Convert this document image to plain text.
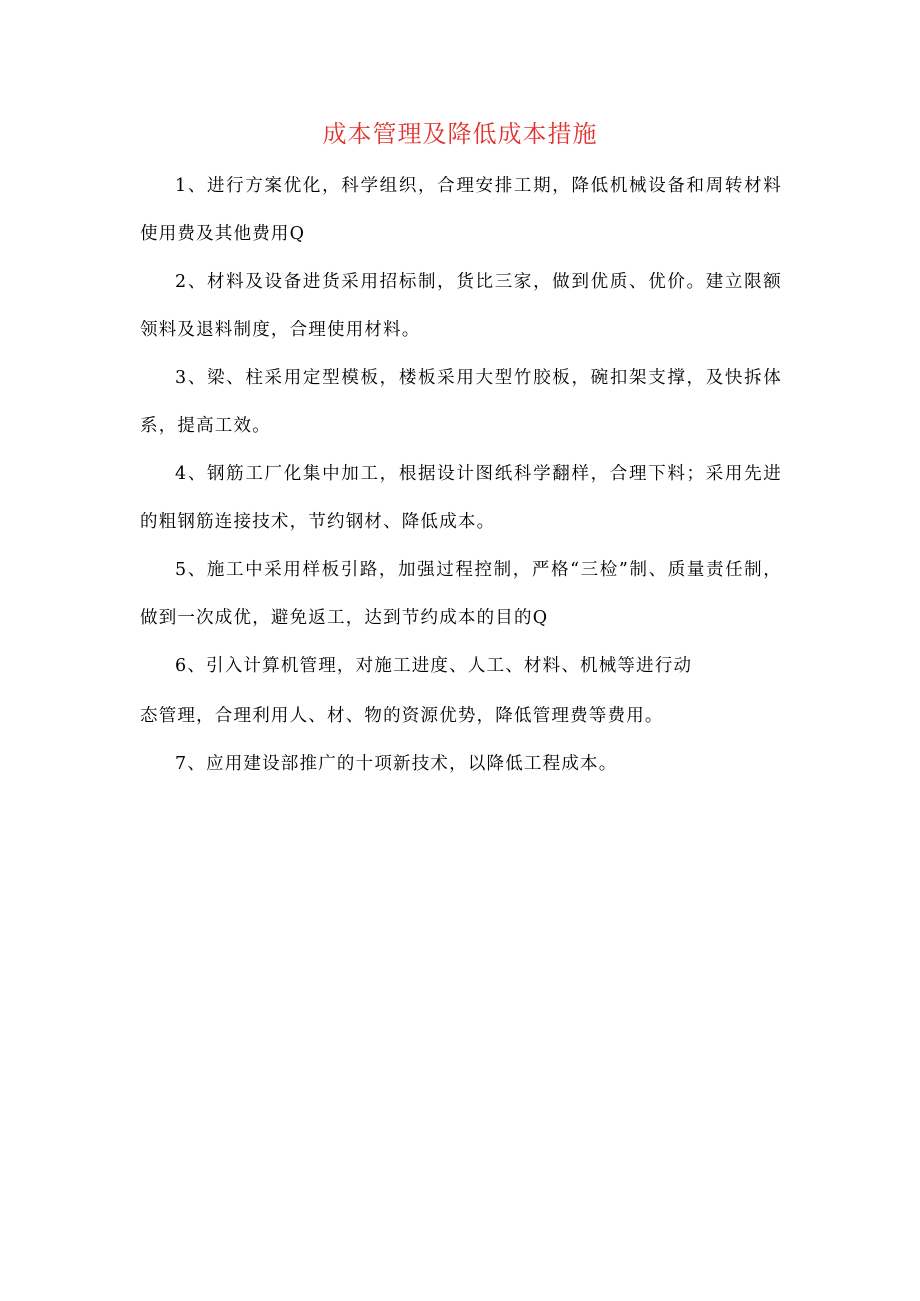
成本管理及降低成本措施

1、进行方案优化，科学组织，合理安排工期，降低机械设备和周转材料使用费及其他费用Q

2、材料及设备进货采用招标制，货比三家，做到优质、优价。建立限额领料及退料制度，合理使用材料。

3、梁、柱采用定型模板，楼板采用大型竹胶板，碗扣架支撑，及快拆体系，提高工效。

4、钢筋工厂化集中加工，根据设计图纸科学翻样，合理下料；采用先进的粗钢筋连接技术，节约钢材、降低成本。

5、施工中采用样板引路，加强过程控制，严格“三检”制、质量责任制，做到一次成优，避免返工，达到节约成本的目的Q

6、引入计算机管理，对施工进度、人工、材料、机械等进行动

态管理，合理利用人、材、物的资源优势，降低管理费等费用。

7、应用建设部推广的十项新技术，以降低工程成本。
